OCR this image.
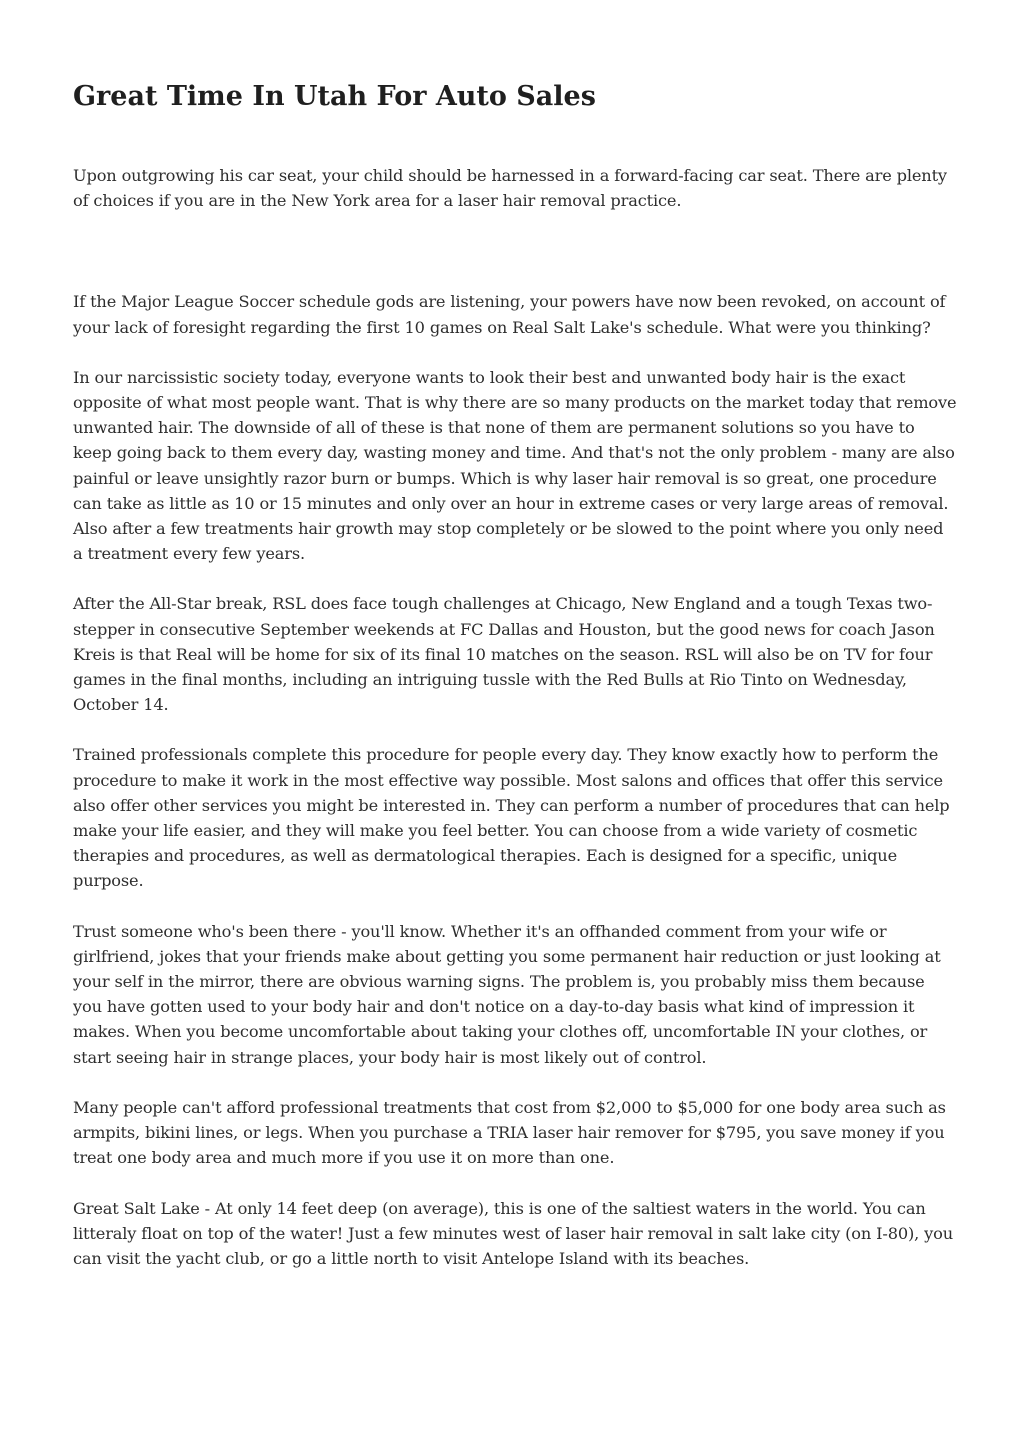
Great Time In Utah For Auto Sales

Upon outgrowing his car seat, your child should be harnessed in a forward-facing car seat. There are plenty of choices if you are in the New York area for a laser hair removal practice.

If the Major League Soccer schedule gods are listening, your powers have now been revoked, on account of your lack of foresight regarding the first 10 games on Real Salt Lake's schedule. What were you thinking?

In our narcissistic society today, everyone wants to look their best and unwanted body hair is the exact opposite of what most people want. That is why there are so many products on the market today that remove unwanted hair. The downside of all of these is that none of them are permanent solutions so you have to keep going back to them every day, wasting money and time. And that's not the only problem - many are also painful or leave unsightly razor burn or bumps. Which is why laser hair removal is so great, one procedure can take as little as 10 or 15 minutes and only over an hour in extreme cases or very large areas of removal. Also after a few treatments hair growth may stop completely or be slowed to the point where you only need a treatment every few years.

After the All-Star break, RSL does face tough challenges at Chicago, New England and a tough Texas two-stepper in consecutive September weekends at FC Dallas and Houston, but the good news for coach Jason Kreis is that Real will be home for six of its final 10 matches on the season. RSL will also be on TV for four games in the final months, including an intriguing tussle with the Red Bulls at Rio Tinto on Wednesday, October 14.

Trained professionals complete this procedure for people every day. They know exactly how to perform the procedure to make it work in the most effective way possible. Most salons and offices that offer this service also offer other services you might be interested in. They can perform a number of procedures that can help make your life easier, and they will make you feel better. You can choose from a wide variety of cosmetic therapies and procedures, as well as dermatological therapies. Each is designed for a specific, unique purpose.

Trust someone who's been there - you'll know. Whether it's an offhanded comment from your wife or girlfriend, jokes that your friends make about getting you some permanent hair reduction or just looking at your self in the mirror, there are obvious warning signs. The problem is, you probably miss them because you have gotten used to your body hair and don't notice on a day-to-day basis what kind of impression it makes. When you become uncomfortable about taking your clothes off, uncomfortable IN your clothes, or start seeing hair in strange places, your body hair is most likely out of control.

Many people can't afford professional treatments that cost from $2,000 to $5,000 for one body area such as armpits, bikini lines, or legs. When you purchase a TRIA laser hair remover for $795, you save money if you treat one body area and much more if you use it on more than one.

Great Salt Lake - At only 14 feet deep (on average), this is one of the saltiest waters in the world. You can litteraly float on top of the water! Just a few minutes west of laser hair removal in salt lake city (on I-80), you can visit the yacht club, or go a little north to visit Antelope Island with its beaches.
